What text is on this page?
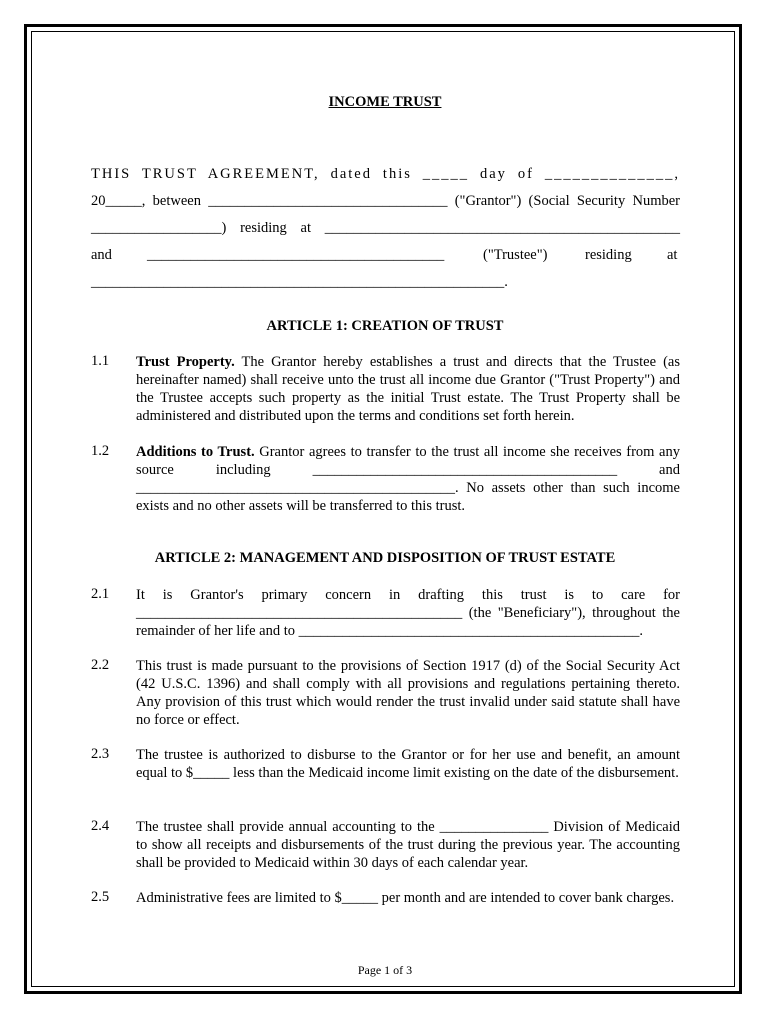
INCOME TRUST
THIS TRUST AGREEMENT, dated this _____ day of ______________,
20_____, between _________________________________ ("Grantor") (Social Security Number
__________________) residing at _________________________________________________
and _________________________________________	("Trustee")	residing at
_________________________________________________________.
ARTICLE 1: CREATION OF TRUST
1.1 Trust Property. The Grantor hereby establishes a trust and directs that the Trustee (as hereinafter named) shall receive unto the trust all income due Grantor ("Trust Property") and the Trustee accepts such property as the initial Trust estate. The Trust Property shall be administered and distributed upon the terms and conditions set forth herein.
1.2 Additions to Trust. Grantor agrees to transfer to the trust all income she receives from any source including __________________________________________ and ____________________________________________. No assets other than such income exists and no other assets will be transferred to this trust.
ARTICLE 2: MANAGEMENT AND DISPOSITION OF TRUST ESTATE
2.1 It is Grantor's primary concern in drafting this trust is to care for _____________________________________________ (the "Beneficiary"), throughout the remainder of her life and to _______________________________________________.
2.2 This trust is made pursuant to the provisions of Section 1917 (d) of the Social Security Act (42 U.S.C. 1396) and shall comply with all provisions and regulations pertaining thereto. Any provision of this trust which would render the trust invalid under said statute shall have no force or effect.
2.3 The trustee is authorized to disburse to the Grantor or for her use and benefit, an amount equal to $_____ less than the Medicaid income limit existing on the date of the disbursement.
2.4 The trustee shall provide annual accounting to the _______________ Division of Medicaid to show all receipts and disbursements of the trust during the previous year. The accounting shall be provided to Medicaid within 30 days of each calendar year.
2.5 Administrative fees are limited to $_____ per month and are intended to cover bank charges.
Page 1 of 3
